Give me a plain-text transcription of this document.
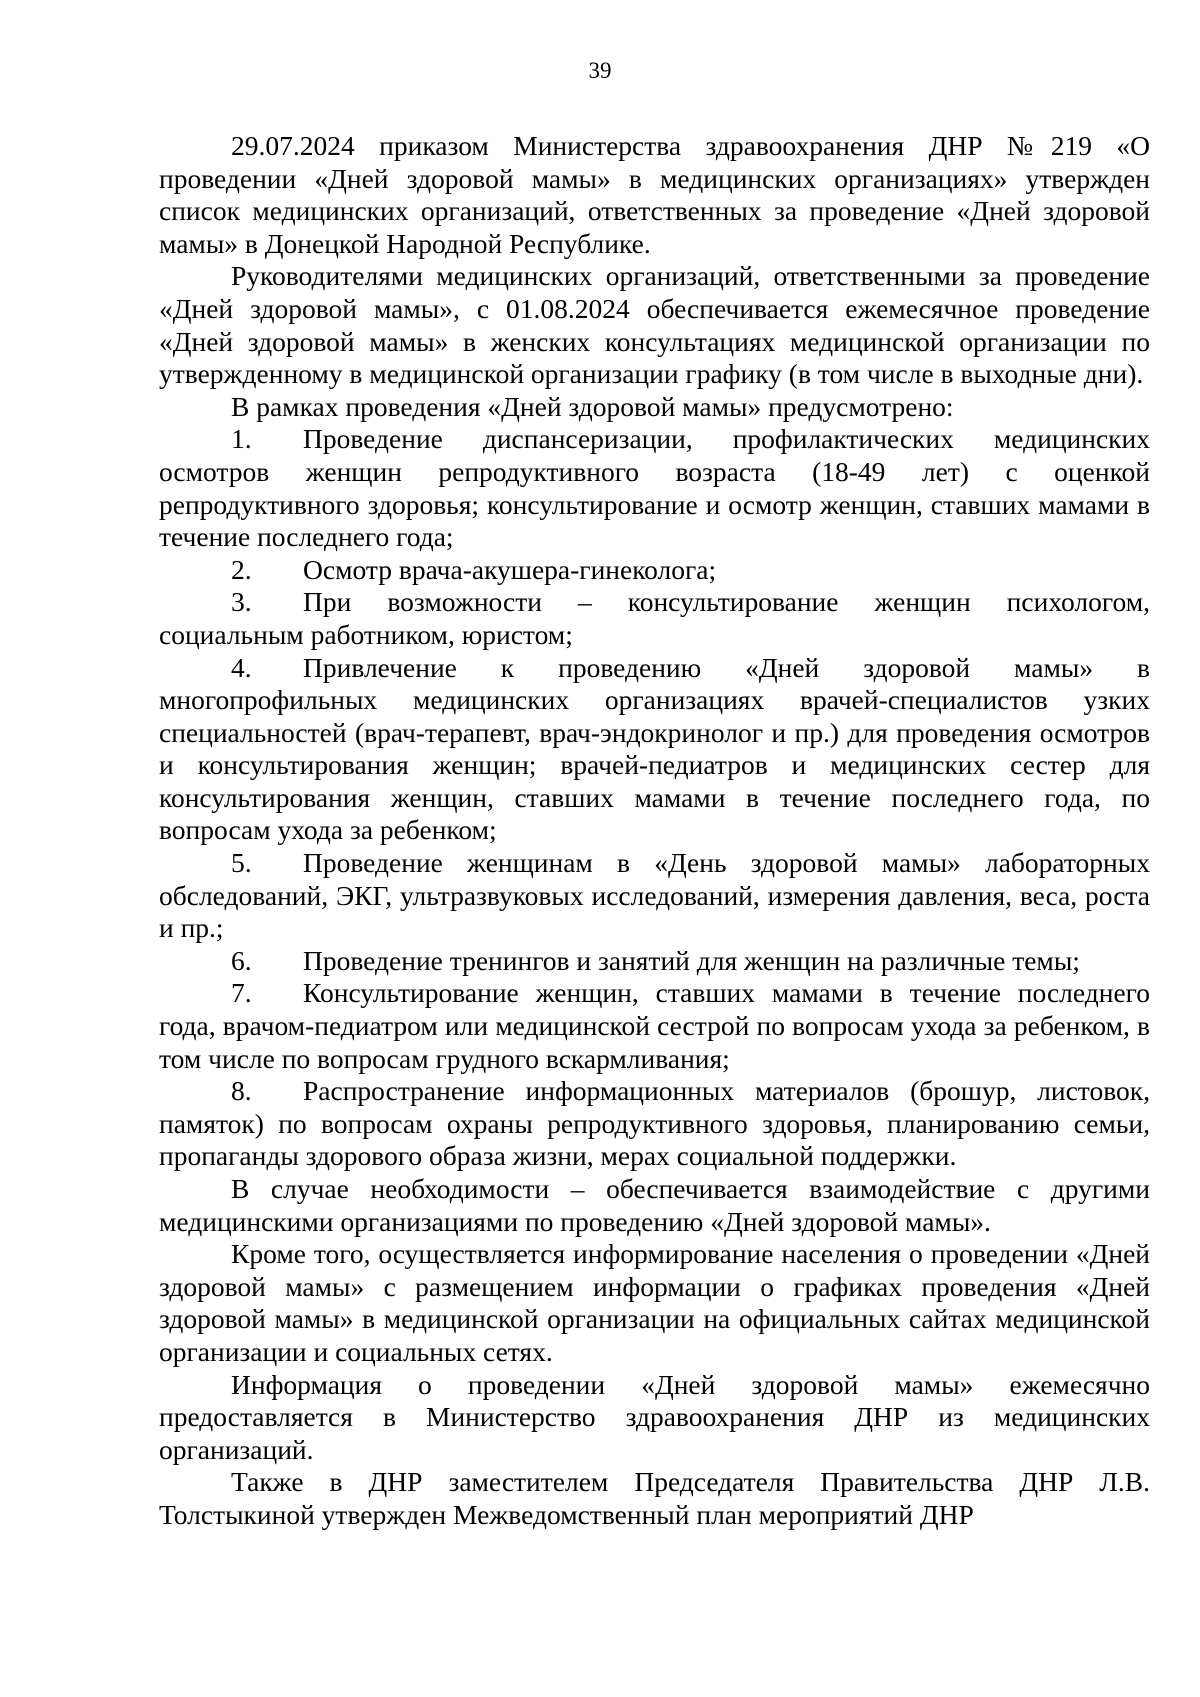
39

29.07.2024 приказом Министерства здравоохранения ДНР №219 «О проведении «Дней здоровой мамы» в медицинских организациях» утвержден список медицинских организаций, ответственных за проведение «Дней здоровой мамы» в Донецкой Народной Республике.

Руководителями медицинских организаций, ответственными за проведение «Дней здоровой мамы», с 01.08.2024 обеспечивается ежемесячное проведение «Дней здоровой мамы» в женских консультациях медицинской организации по утвержденному в медицинской организации графику (в том числе в выходные дни).

В рамках проведения «Дней здоровой мамы» предусмотрено:

1. Проведение диспансеризации, профилактических медицинских осмотров женщин репродуктивного возраста (18-49 лет) с оценкой репродуктивного здоровья; консультирование и осмотр женщин, ставших мамами в течение последнего года;

2. Осмотр врача-акушера-гинеколога;

3. При возможности – консультирование женщин психологом, социальным работником, юристом;

4. Привлечение к проведению «Дней здоровой мамы» в многопрофильных медицинских организациях врачей-специалистов узких специальностей (врач-терапевт, врач-эндокринолог и пр.) для проведения осмотров и консультирования женщин; врачей-педиатров и медицинских сестер для консультирования женщин, ставших мамами в течение последнего года, по вопросам ухода за ребенком;

5. Проведение женщинам в «День здоровой мамы» лабораторных обследований, ЭКГ, ультразвуковых исследований, измерения давления, веса, роста и пр.;

6. Проведение тренингов и занятий для женщин на различные темы;

7. Консультирование женщин, ставших мамами в течение последнего года, врачом-педиатром или медицинской сестрой по вопросам ухода за ребенком, в том числе по вопросам грудного вскармливания;

8. Распространение информационных материалов (брошур, листовок, памяток) по вопросам охраны репродуктивного здоровья, планированию семьи, пропаганды здорового образа жизни, мерах социальной поддержки.

В случае необходимости – обеспечивается взаимодействие с другими медицинскими организациями по проведению «Дней здоровой мамы».

Кроме того, осуществляется информирование населения о проведении «Дней здоровой мамы» с размещением информации о графиках проведения «Дней здоровой мамы» в медицинской организации на официальных сайтах медицинской организации и социальных сетях.

Информация о проведении «Дней здоровой мамы» ежемесячно предоставляется в Министерство здравоохранения ДНР из медицинских организаций.

Также в ДНР заместителем Председателя Правительства ДНР Л.В. Толстыкиной утвержден Межведомственный план мероприятий ДНР
